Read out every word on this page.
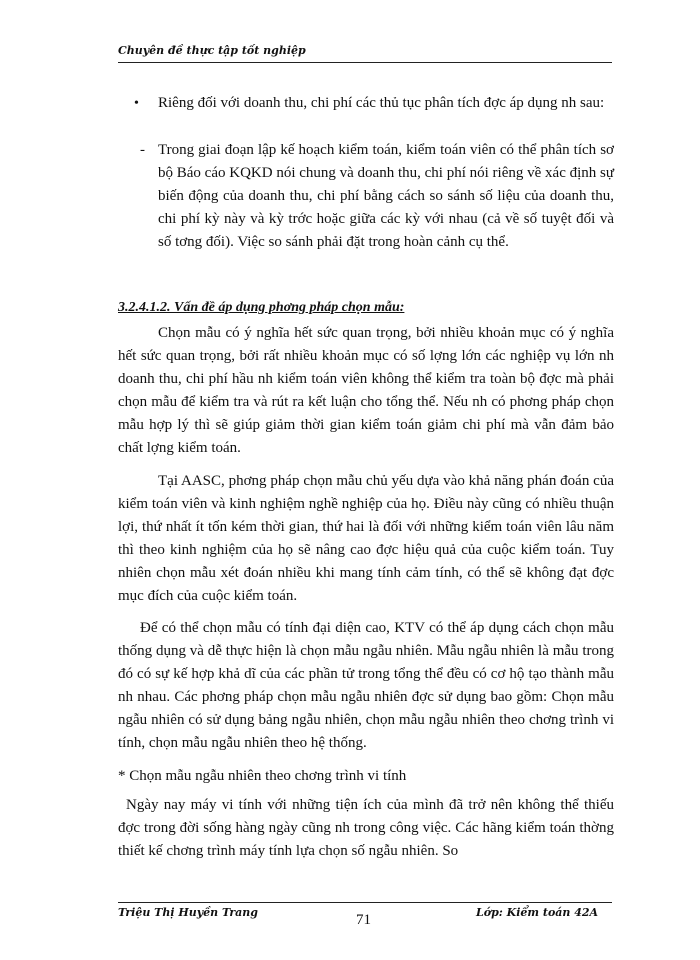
Chuyên đề thực tập tốt nghiệp
• Riêng đối với doanh thu, chi phí các thủ tục phân tích đợc áp dụng nh sau:
- Trong giai đoạn lập kế hoạch kiểm toán, kiểm toán viên có thể phân tích sơ bộ Báo cáo KQKD nói chung và doanh thu, chi phí nói riêng về xác định sự biến động của doanh thu, chi phí bằng cách so sánh số liệu của doanh thu, chi phí kỳ này và kỳ trớc hoặc giữa các kỳ với nhau (cả về số tuyệt đối và số tơng đối). Việc so sánh phải đặt trong hoàn cảnh cụ thể.
3.2.4.1.2. Vấn đề áp dụng phơng pháp chọn mẫu:
Chọn mẫu có ý nghĩa hết sức quan trọng, bởi nhiều khoản mục có ý nghĩa hết sức quan trọng, bởi rất nhiều khoản mục có số lợng lớn các nghiệp vụ lớn nh doanh thu, chi phí hầu nh kiểm toán viên không thể kiểm tra toàn bộ đợc mà phải chọn mẫu để kiểm tra và rút ra kết luận cho tổng thể. Nếu nh có phơng pháp chọn mẫu hợp lý thì sẽ giúp giảm thời gian kiểm toán giảm chi phí mà vẫn đảm bảo chất lợng kiểm toán.
Tại AASC, phơng pháp chọn mẫu chủ yếu dựa vào khả năng phán đoán của kiểm toán viên và kinh nghiệm nghề nghiệp của họ. Điều này cũng có nhiều thuận lợi, thứ nhất ít tốn kém thời gian, thứ hai là đối với những kiểm toán viên lâu năm thì theo kinh nghiệm của họ sẽ nâng cao đợc hiệu quả của cuộc kiểm toán. Tuy nhiên chọn mẫu xét đoán nhiều khi mang tính cảm tính, có thể sẽ không đạt đợc mục đích của cuộc kiểm toán.
Để có thể chọn mẫu có tính đại diện cao, KTV có thể áp dụng cách chọn mẫu thống dụng và dễ thực hiện là chọn mẫu ngẫu nhiên. Mẫu ngẫu nhiên là mẫu trong đó có sự kế hợp khả dĩ của các phần tử trong tổng thể đều có cơ hộ tạo thành mẫu nh nhau. Các phơng pháp chọn mẫu ngẫu nhiên đợc sử dụng bao gồm: Chọn mẫu ngẫu nhiên có sử dụng bảng ngẫu nhiên, chọn mẫu ngẫu nhiên theo chơng trình vi tính, chọn mẫu ngẫu nhiên theo hệ thống.
* Chọn mẫu ngẫu nhiên theo chơng trình vi tính
Ngày nay máy vi tính với những tiện ích của mình đã trở nên không thể thiếu đợc trong đời sống hàng ngày cũng nh trong công việc. Các hãng kiểm toán thờng thiết kế chơng trình máy tính lựa chọn số ngẫu nhiên. So
Triệu Thị Huyền Trang	71	Lớp: Kiểm toán 42A
